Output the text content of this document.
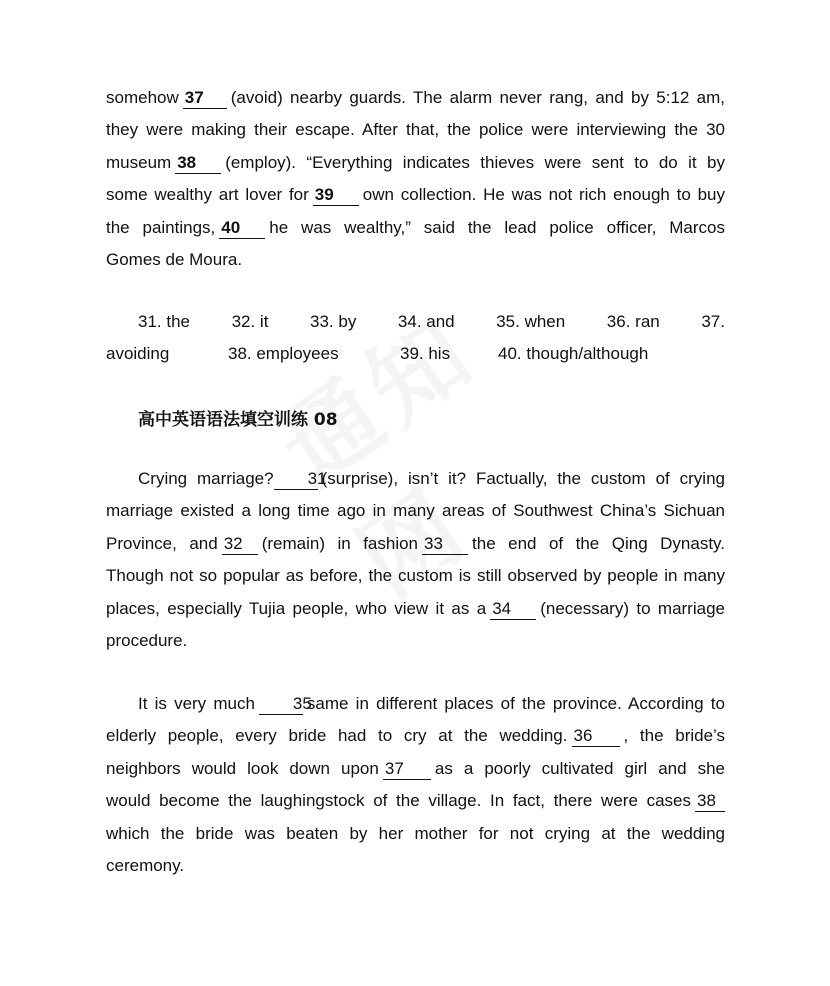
somehow 37 (avoid) nearby guards. The alarm never rang, and by 5:12 am,
they were making their escape. After that, the police were interviewing the 30
museum 38 (employ). “Everything indicates thieves were sent to do it by
some wealthy art lover for 39 own collection. He was not rich enough to buy
the paintings, 40 he was wealthy,” said the lead police officer, Marcos
Gomes de Moura.
31. the 32. it 33. by 34. and 35. when 36. ran 37.
avoiding	38. employees	39. his	40. though/although
高中英语语法填空训练 08
Crying marriage? 31(surprise), isn’t it? Factually, the custom of crying
marriage existed a long time ago in many areas of Southwest China’s Sichuan
Province, and 32 (remain) in fashion 33 the end of the Qing Dynasty.
Though not so popular as before, the custom is still observed by people in many
places, especially Tujia people, who view it as a 34 (necessary) to marriage
procedure.
It is very much 35same in different places of the province. According to
elderly people, every bride had to cry at the wedding. 36 , the bride’s
neighbors would look down upon 37 as a poorly cultivated girl and she
would become the laughingstock of the village. In fact, there were cases 38
which the bride was beaten by her mother for not crying at the wedding
ceremony.
